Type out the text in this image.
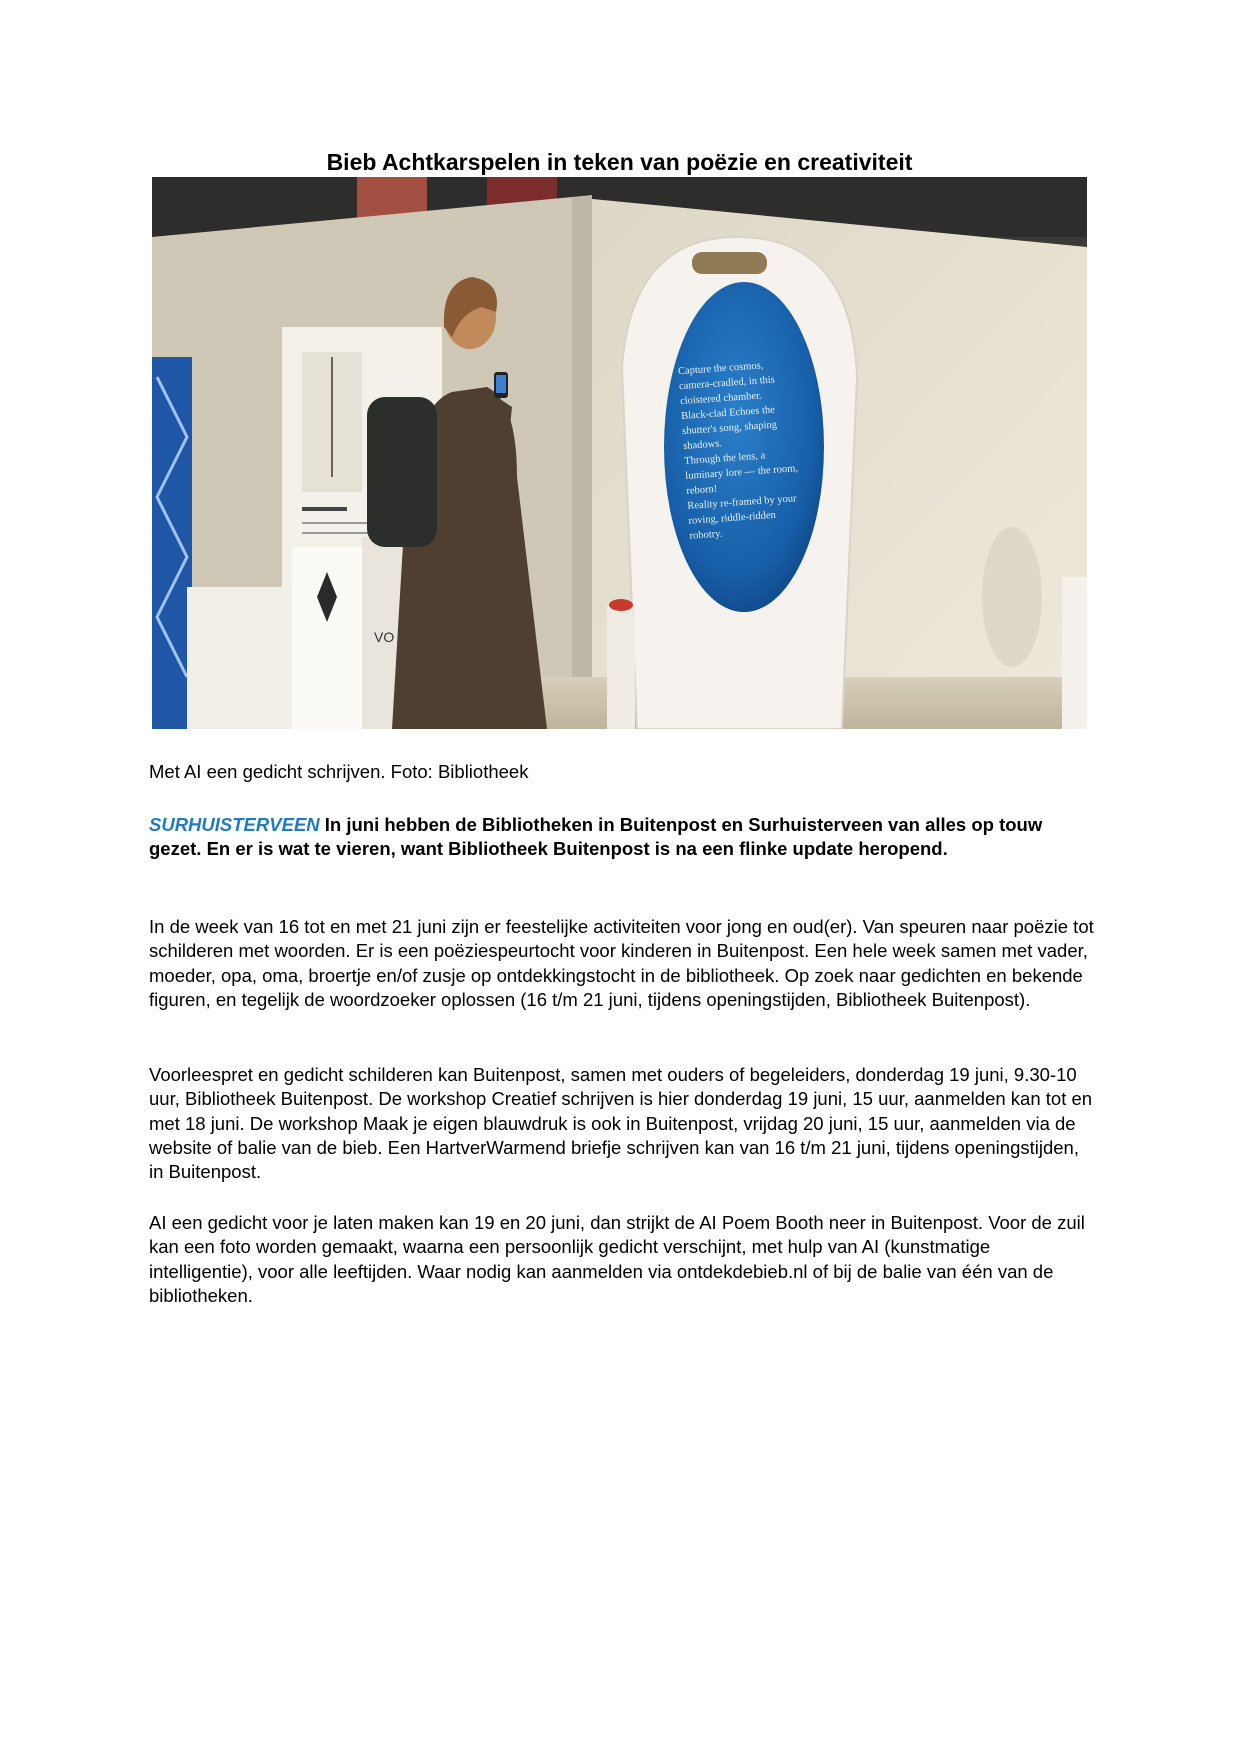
Bieb Achtkarspelen in teken van poëzie en creativiteit
VO
Capture the cosmos,
camera-cradled, in this
cloistered chamber.
Black-clad Echoes the
shutter's song, shaping
shadows.
Through the lens, a
luminary lore — the room,
reborn!
Reality re-framed by your
roving, riddle-ridden
robotry.

Met AI een gedicht schrijven. Foto: Bibliotheek

SURHUISTERVEEN In juni hebben de Bibliotheken in Buitenpost en Surhuisterveen van alles op touw gezet. En er is wat te vieren, want Bibliotheek Buitenpost is na een flinke update heropend.

In de week van 16 tot en met 21 juni zijn er feestelijke activiteiten voor jong en oud(er). Van speuren naar poëzie tot schilderen met woorden. Er is een poëziespeurtocht voor kinderen in Buitenpost. Een hele week samen met vader, moeder, opa, oma, broertje en/of zusje op ontdekkingstocht in de bibliotheek. Op zoek naar gedichten en bekende figuren, en tegelijk de woordzoeker oplossen (16 t/m 21 juni, tijdens openingstijden, Bibliotheek Buitenpost).

Voorleespret en gedicht schilderen kan Buitenpost, samen met ouders of begeleiders, donderdag 19 juni, 9.30-10 uur, Bibliotheek Buitenpost. De workshop Creatief schrijven is hier donderdag 19 juni, 15 uur, aanmelden kan tot en met 18 juni. De workshop Maak je eigen blauwdruk is ook in Buitenpost, vrijdag 20 juni, 15 uur, aanmelden via de website of balie van de bieb. Een HartverWarmend briefje schrijven kan van 16 t/m 21 juni, tijdens openingstijden, in Buitenpost.

AI een gedicht voor je laten maken kan 19 en 20 juni, dan strijkt de AI Poem Booth neer in Buitenpost. Voor de zuil kan een foto worden gemaakt, waarna een persoonlijk gedicht verschijnt, met hulp van AI (kunstmatige intelligentie), voor alle leeftijden. Waar nodig kan aanmelden via ontdekdebieb.nl of bij de balie van één van de bibliotheken.
